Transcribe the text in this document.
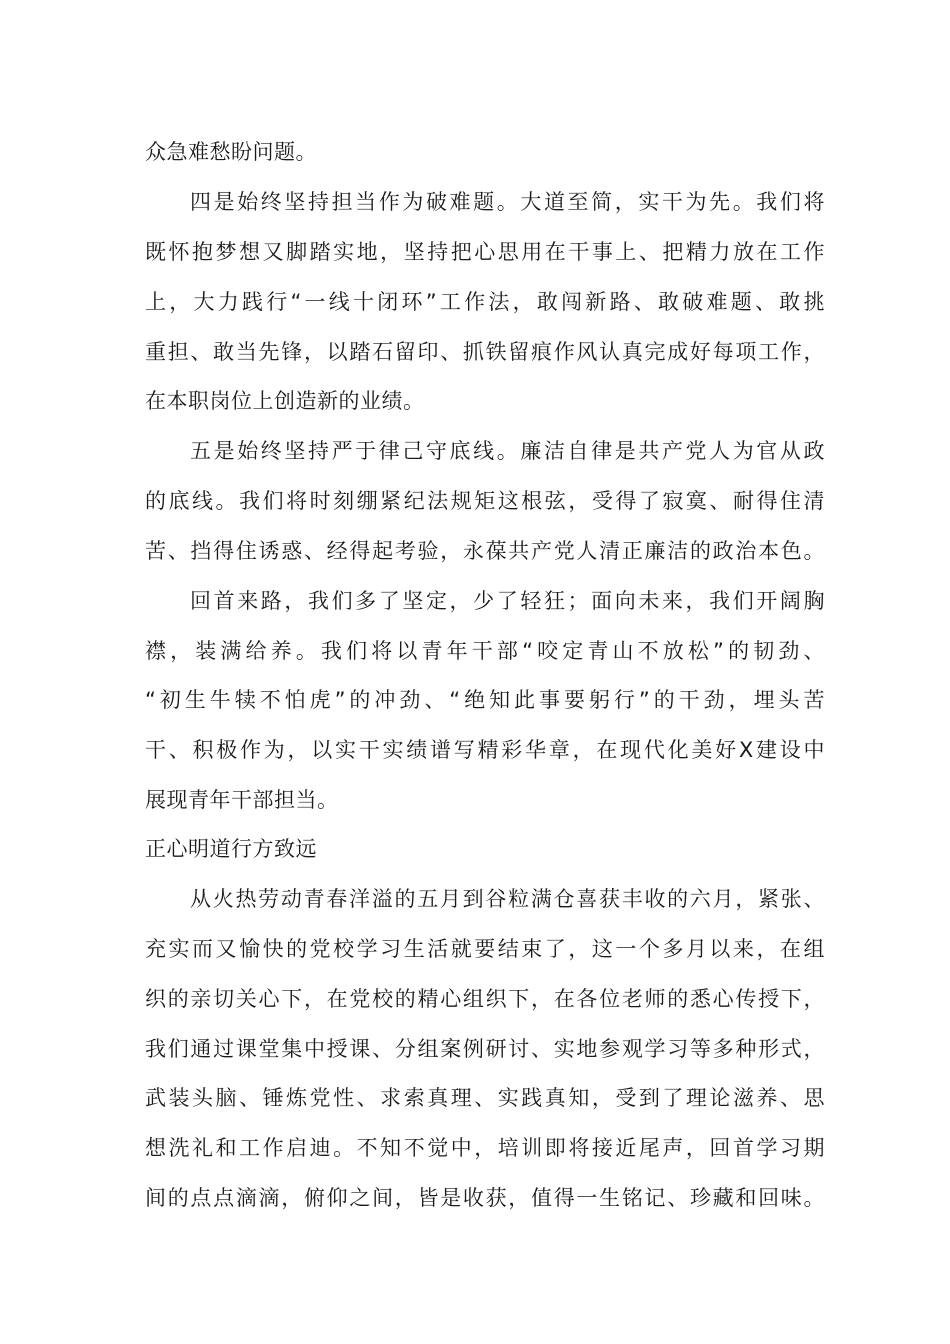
众急难愁盼问题。
四是始终坚持担当作为破难题。大道至简，实干为先。我们将
既怀抱梦想又脚踏实地，坚持把心思用在干事上、把精力放在工作
上，大力践行“一线十闭环”工作法，敢闯新路、敢破难题、敢挑
重担、敢当先锋，以踏石留印、抓铁留痕作风认真完成好每项工作，
在本职岗位上创造新的业绩。
五是始终坚持严于律己守底线。廉洁自律是共产党人为官从政
的底线。我们将时刻绷紧纪法规矩这根弦，受得了寂寞、耐得住清
苦、挡得住诱惑、经得起考验，永葆共产党人清正廉洁的政治本色。
回首来路，我们多了坚定，少了轻狂；面向未来，我们开阔胸
襟，装满给养。我们将以青年干部“咬定青山不放松”的韧劲、
“初生牛犊不怕虎”的冲劲、“绝知此事要躬行”的干劲，埋头苦
干、积极作为，以实干实绩谱写精彩华章，在现代化美好X建设中
展现青年干部担当。
正心明道行方致远
从火热劳动青春洋溢的五月到谷粒满仓喜获丰收的六月，紧张、
充实而又愉快的党校学习生活就要结束了，这一个多月以来，在组
织的亲切关心下，在党校的精心组织下，在各位老师的悉心传授下，
我们通过课堂集中授课、分组案例研讨、实地参观学习等多种形式，
武装头脑、锤炼党性、求索真理、实践真知，受到了理论滋养、思
想洗礼和工作启迪。不知不觉中，培训即将接近尾声，回首学习期
间的点点滴滴，俯仰之间，皆是收获，值得一生铭记、珍藏和回味。
